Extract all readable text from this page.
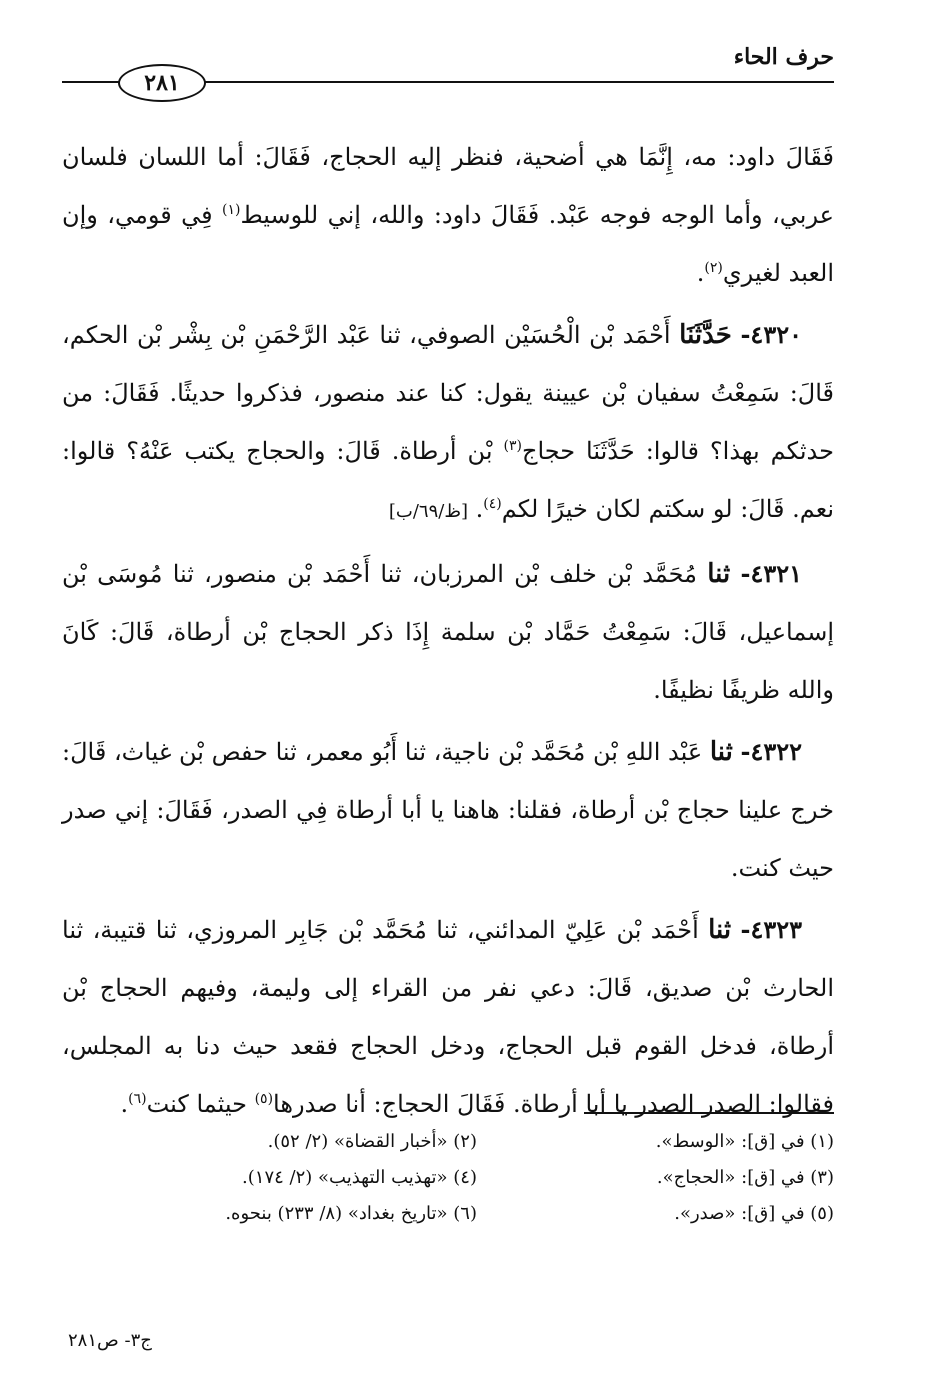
حرف الحاء
٢٨١

فَقَالَ داود: مه، إِنَّمَا هي أضحية، فنظر إليه الحجاج، فَقَالَ: أما اللسان فلسان عربي، وأما الوجه فوجه عَبْد. فَقَالَ داود: والله، إني للوسيط$^{(١)}$ فِي قومي، وإن العبد لغيري$^{(٢)}$.

٤٣٢٠- حَدَّثَنَا أَحْمَد بْن الْحُسَيْن الصوفي، ثنا عَبْد الرَّحْمَنِ بْن بِشْر بْن الحكم، قَالَ: سَمِعْتُ سفيان بْن عيينة يقول: كنا عند منصور، فذكروا حديثًا. فَقَالَ: من حدثكم بهذا؟ قالوا: حَدَّثَنَا حجاج$^{(٣)}$ بْن أرطاة. قَالَ: والحجاج يكتب عَنْهُ؟ قالوا: نعم. قَالَ: لو سكتم لكان خيرًا لكم$^{(٤)}$. [ظ/٦٩/ب]

٤٣٢١- ثنا مُحَمَّد بْن خلف بْن المرزبان، ثنا أَحْمَد بْن منصور، ثنا مُوسَى بْن إسماعيل، قَالَ: سَمِعْتُ حَمَّاد بْن سلمة إِذَا ذكر الحجاج بْن أرطاة، قَالَ: كَانَ والله ظريفًا نظيفًا.

٤٣٢٢- ثنا عَبْد اللهِ بْن مُحَمَّد بْن ناجية، ثنا أَبُو معمر، ثنا حفص بْن غياث، قَالَ: خرج علينا حجاج بْن أرطاة، فقلنا: هاهنا يا أبا أرطاة فِي الصدر، فَقَالَ: إني صدر حيث كنت.

٤٣٢٣- ثنا أَحْمَد بْن عَلِيّ المدائني، ثنا مُحَمَّد بْن جَابِر المروزي، ثنا قتيبة، ثنا الحارث بْن صديق، قَالَ: دعي نفر من القراء إلى وليمة، وفيهم الحجاج بْن أرطاة، فدخل القوم قبل الحجاج، ودخل الحجاج فقعد حيث دنا به المجلس، فقالوا: الصدر الصدر يا أبا أرطاة. فَقَالَ الحجاج: أنا صدرها$^{(٥)}$ حيثما كنت$^{(٦)}$.

(١) في [ق]: «الوسط».
(٢) «أخبار القضاة» (٢/ ٥٢).
(٣) في [ق]: «الحجاج».
(٤) «تهذيب التهذيب» (٢/ ١٧٤).
(٥) في [ق]: «صدر».
(٦) «تاريخ بغداد» (٨/ ٢٣٣) بنحوه.
ج٣- ص٢٨١
